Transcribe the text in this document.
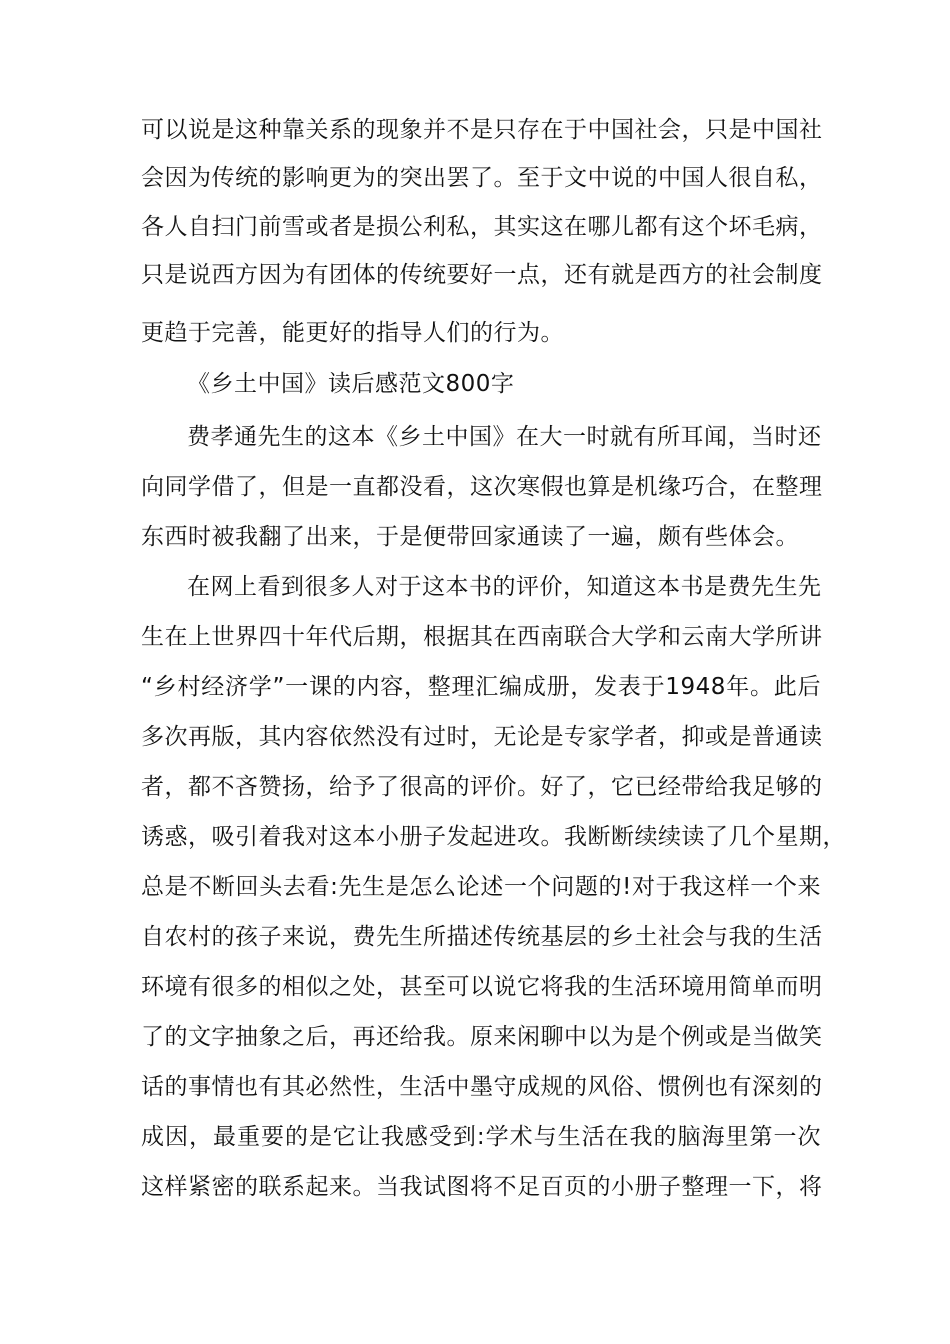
可以说是这种靠关系的现象并不是只存在于中国社会，只是中国社
会因为传统的影响更为的突出罢了。至于文中说的中国人很自私，
各人自扫门前雪或者是损公利私，其实这在哪儿都有这个坏毛病，
只是说西方因为有团体的传统要好一点，还有就是西方的社会制度
更趋于完善，能更好的指导人们的行为。
《乡土中国》读后感范文800字
费孝通先生的这本《乡土中国》在大一时就有所耳闻，当时还
向同学借了，但是一直都没看，这次寒假也算是机缘巧合，在整理
东西时被我翻了出来，于是便带回家通读了一遍，颇有些体会。
在网上看到很多人对于这本书的评价，知道这本书是费先生先
生在上世界四十年代后期，根据其在西南联合大学和云南大学所讲
“乡村经济学”一课的内容，整理汇编成册，发表于1948年。此后
多次再版，其内容依然没有过时，无论是专家学者，抑或是普通读
者，都不吝赞扬，给予了很高的评价。好了，它已经带给我足够的
诱惑，吸引着我对这本小册子发起进攻。我断断续续读了几个星期，
总是不断回头去看:先生是怎么论述一个问题的!对于我这样一个来
自农村的孩子来说，费先生所描述传统基层的乡土社会与我的生活
环境有很多的相似之处，甚至可以说它将我的生活环境用简单而明
了的文字抽象之后，再还给我。原来闲聊中以为是个例或是当做笑
话的事情也有其必然性，生活中墨守成规的风俗、惯例也有深刻的
成因，最重要的是它让我感受到:学术与生活在我的脑海里第一次
这样紧密的联系起来。当我试图将不足百页的小册子整理一下，将
